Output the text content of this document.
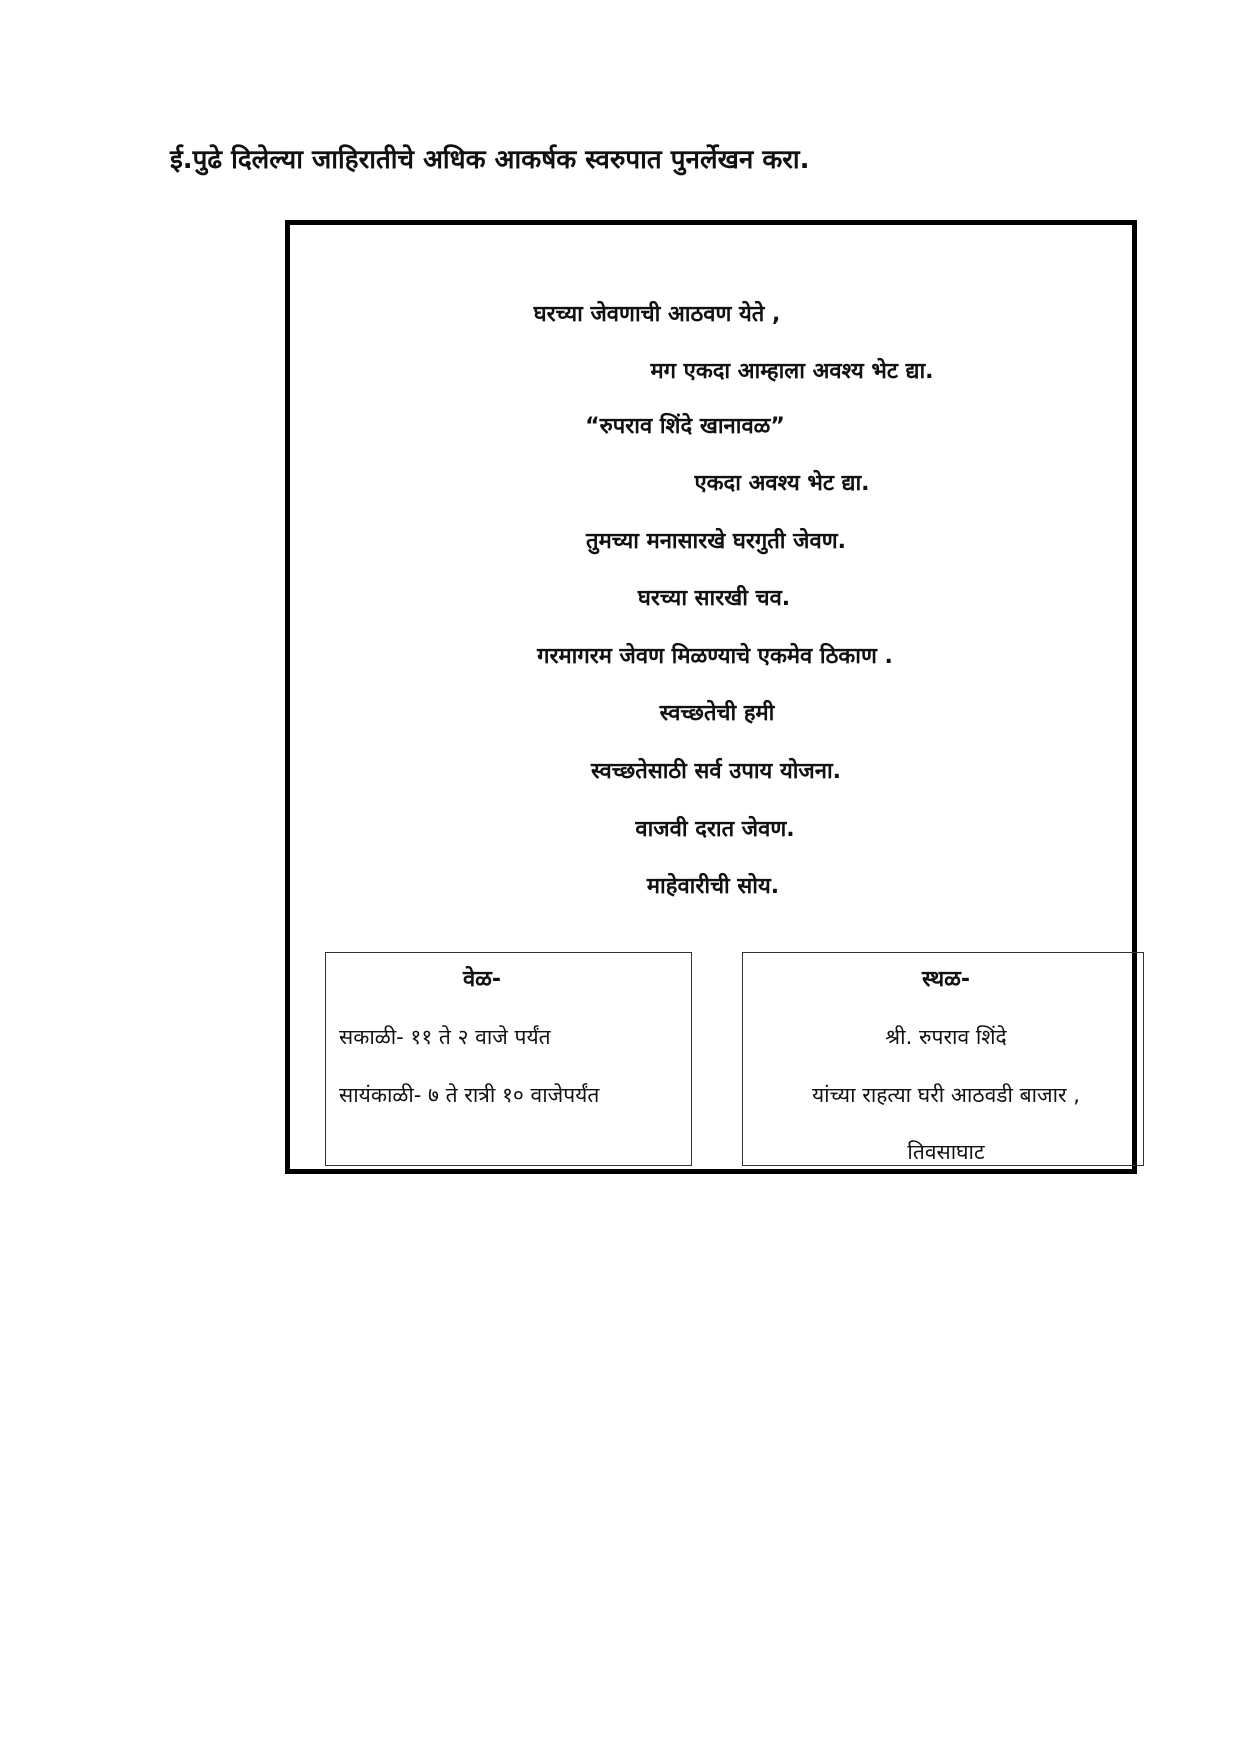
ई.पुढे दिलेल्या जाहिरातीचे अधिक आकर्षक स्वरुपात पुनर्लेखन करा.
घरच्या जेवणाची आठवण येते ,
मग एकदा आम्हाला अवश्य भेट द्या.
“रुपराव शिंदे खानावळ”
एकदा अवश्य भेट द्या.
तुमच्या मनासारखे घरगुती जेवण.
घरच्या सारखी चव.
गरमागरम जेवण मिळण्याचे एकमेव ठिकाण .
स्वच्छतेची हमी
स्वच्छतेसाठी सर्व उपाय योजना.
वाजवी दरात जेवण.
माहेवारीची सोय.
वेळ-
सकाळी- ११ ते २ वाजे पर्यंत
सायंकाळी- ७ ते रात्री १० वाजेपर्यंत
स्थळ-
श्री. रुपराव शिंदे
यांच्या राहत्या घरी आठवडी बाजार ,
तिवसाघाट
